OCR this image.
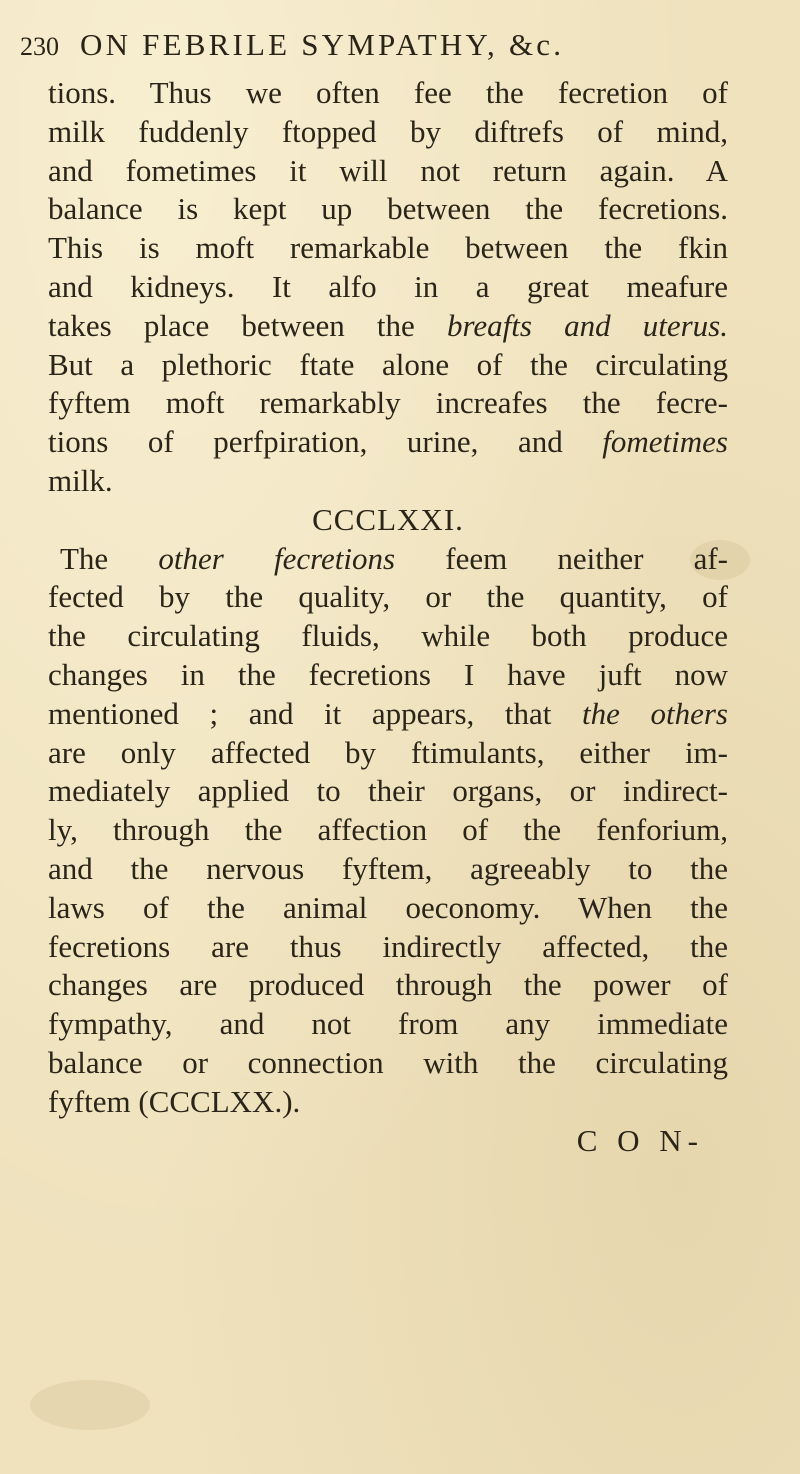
230 ON FEBRILE SYMPATHY, &c.
tions. Thus we often fee the fecretion of
milk fuddenly ftopped by diftrefs of mind,
and fometimes it will not return again. A
balance is kept up between the fecretions.
This is moft remarkable between the fkin
and kidneys. It alfo in a great meafure
takes place between the breafts and uterus.
But a plethoric ftate alone of the circulating
fyftem moft remarkably increafes the fecre-
tions of perfpiration, urine, and fometimes
milk.
CCCLXXI.
The other fecretions feem neither af-
fected by the quality, or the quantity, of
the circulating fluids, while both produce
changes in the fecretions I have juft now
mentioned ; and it appears, that the others
are only affected by ftimulants, either im-
mediately applied to their organs, or indirect-
ly, through the affection of the fenforium,
and the nervous fyftem, agreeably to the
laws of the animal oeconomy. When the
fecretions are thus indirectly affected, the
changes are produced through the power of
fympathy, and not from any immediate
balance or connection with the circulating
fyftem (CCCLXX.).
C O N-
